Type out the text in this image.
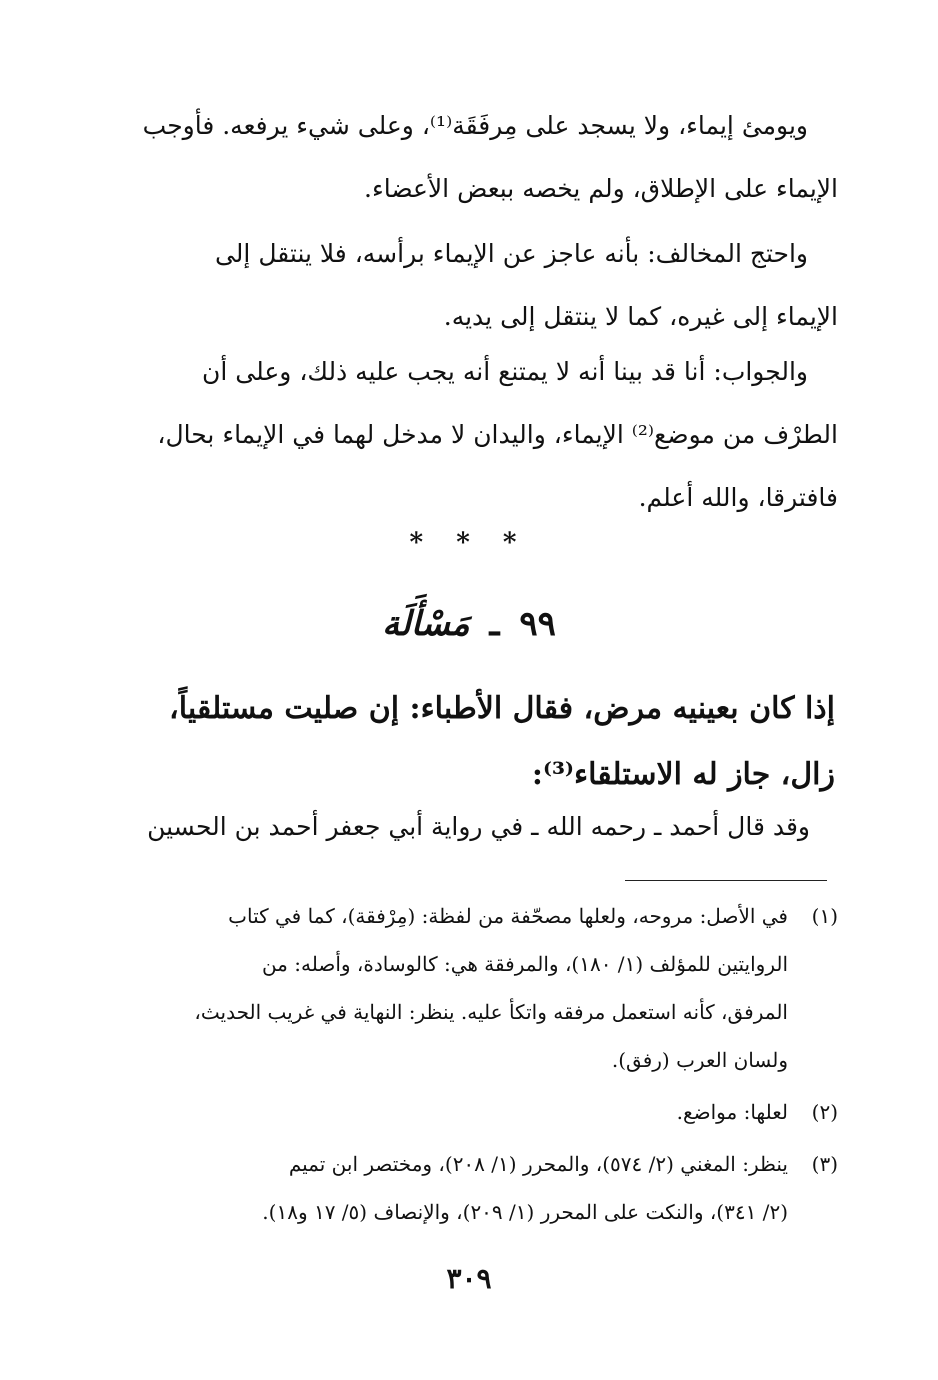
ويومئ إيماء، ولا يسجد على مِرفَقَة⁽¹⁾، وعلى شيء يرفعه. فأوجب
الإيماء على الإطلاق، ولم يخصه ببعض الأعضاء.
واحتج المخالف: بأنه عاجز عن الإيماء برأسه، فلا ينتقل إلى
الإيماء إلى غيره، كما لا ينتقل إلى يديه.
والجواب: أنا قد بينا أنه لا يمتنع أنه يجب عليه ذلك، وعلى أن
الطرْف من موضع⁽²⁾ الإيماء، واليدان لا مدخل لهما في الإيماء بحال،
فافترقا، والله أعلم.
* * *
٩٩ ـ مَسْأَلَة
إذا كان بعينيه مرض، فقال الأطباء: إن صليت مستلقياً،
زال، جاز له الاستلقاء⁽³⁾:
وقد قال أحمد ـ رحمه الله ـ في رواية أبي جعفر أحمد بن الحسين
(١)
في الأصل: مروحه، ولعلها مصحّفة من لفظة: (مِرْفقة)، كما في كتاب
الروايتين للمؤلف (١/ ١٨٠)، والمرفقة هي: كالوسادة، وأصله: من
المرفق، كأنه استعمل مرفقه واتكأ عليه. ينظر: النهاية في غريب الحديث،
ولسان العرب (رفق).
(٢)
لعلها: مواضع.
(٣)
ينظر: المغني (٢/ ٥٧٤)، والمحرر (١/ ٢٠٨)، ومختصر ابن تميم
(٢/ ٣٤١)، والنكت على المحرر (١/ ٢٠٩)، والإنصاف (٥/ ١٧ و١٨).
٣٠٩
